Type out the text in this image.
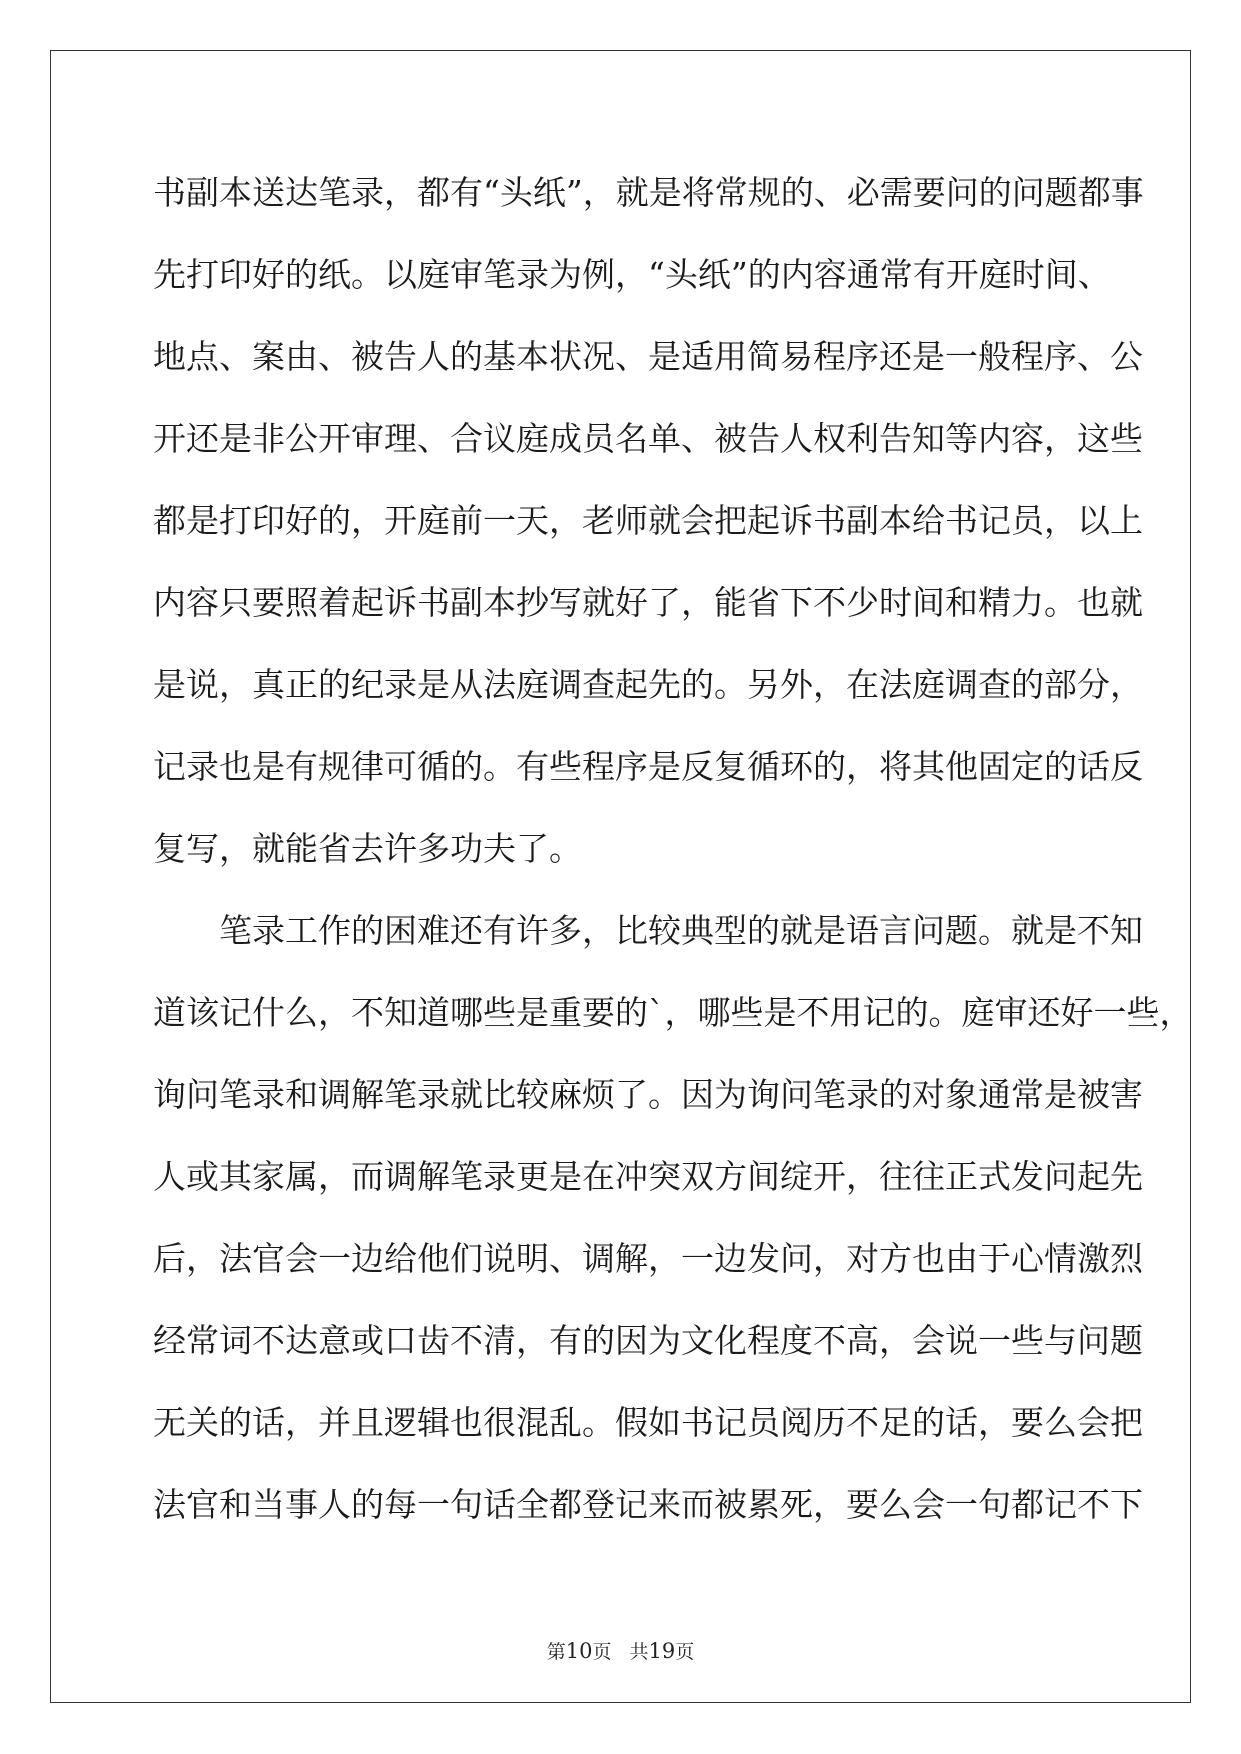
书副本送达笔录，都有“头纸”，就是将常规的、必需要问的问题都事
先打印好的纸。以庭审笔录为例，“头纸”的内容通常有开庭时间、
地点、案由、被告人的基本状况、是适用简易程序还是一般程序、公
开还是非公开审理、合议庭成员名单、被告人权利告知等内容，这些
都是打印好的，开庭前一天，老师就会把起诉书副本给书记员，以上
内容只要照着起诉书副本抄写就好了，能省下不少时间和精力。也就
是说，真正的纪录是从法庭调查起先的。另外，在法庭调查的部分，
记录也是有规律可循的。有些程序是反复循环的，将其他固定的话反
复写，就能省去许多功夫了。
笔录工作的困难还有许多，比较典型的就是语言问题。就是不知
道该记什么，不知道哪些是重要的`，哪些是不用记的。庭审还好一些，
询问笔录和调解笔录就比较麻烦了。因为询问笔录的对象通常是被害
人或其家属，而调解笔录更是在冲突双方间绽开，往往正式发问起先
后，法官会一边给他们说明、调解，一边发问，对方也由于心情激烈
经常词不达意或口齿不清，有的因为文化程度不高，会说一些与问题
无关的话，并且逻辑也很混乱。假如书记员阅历不足的话，要么会把
法官和当事人的每一句话全都登记来而被累死，要么会一句都记不下
第10页 共19页
